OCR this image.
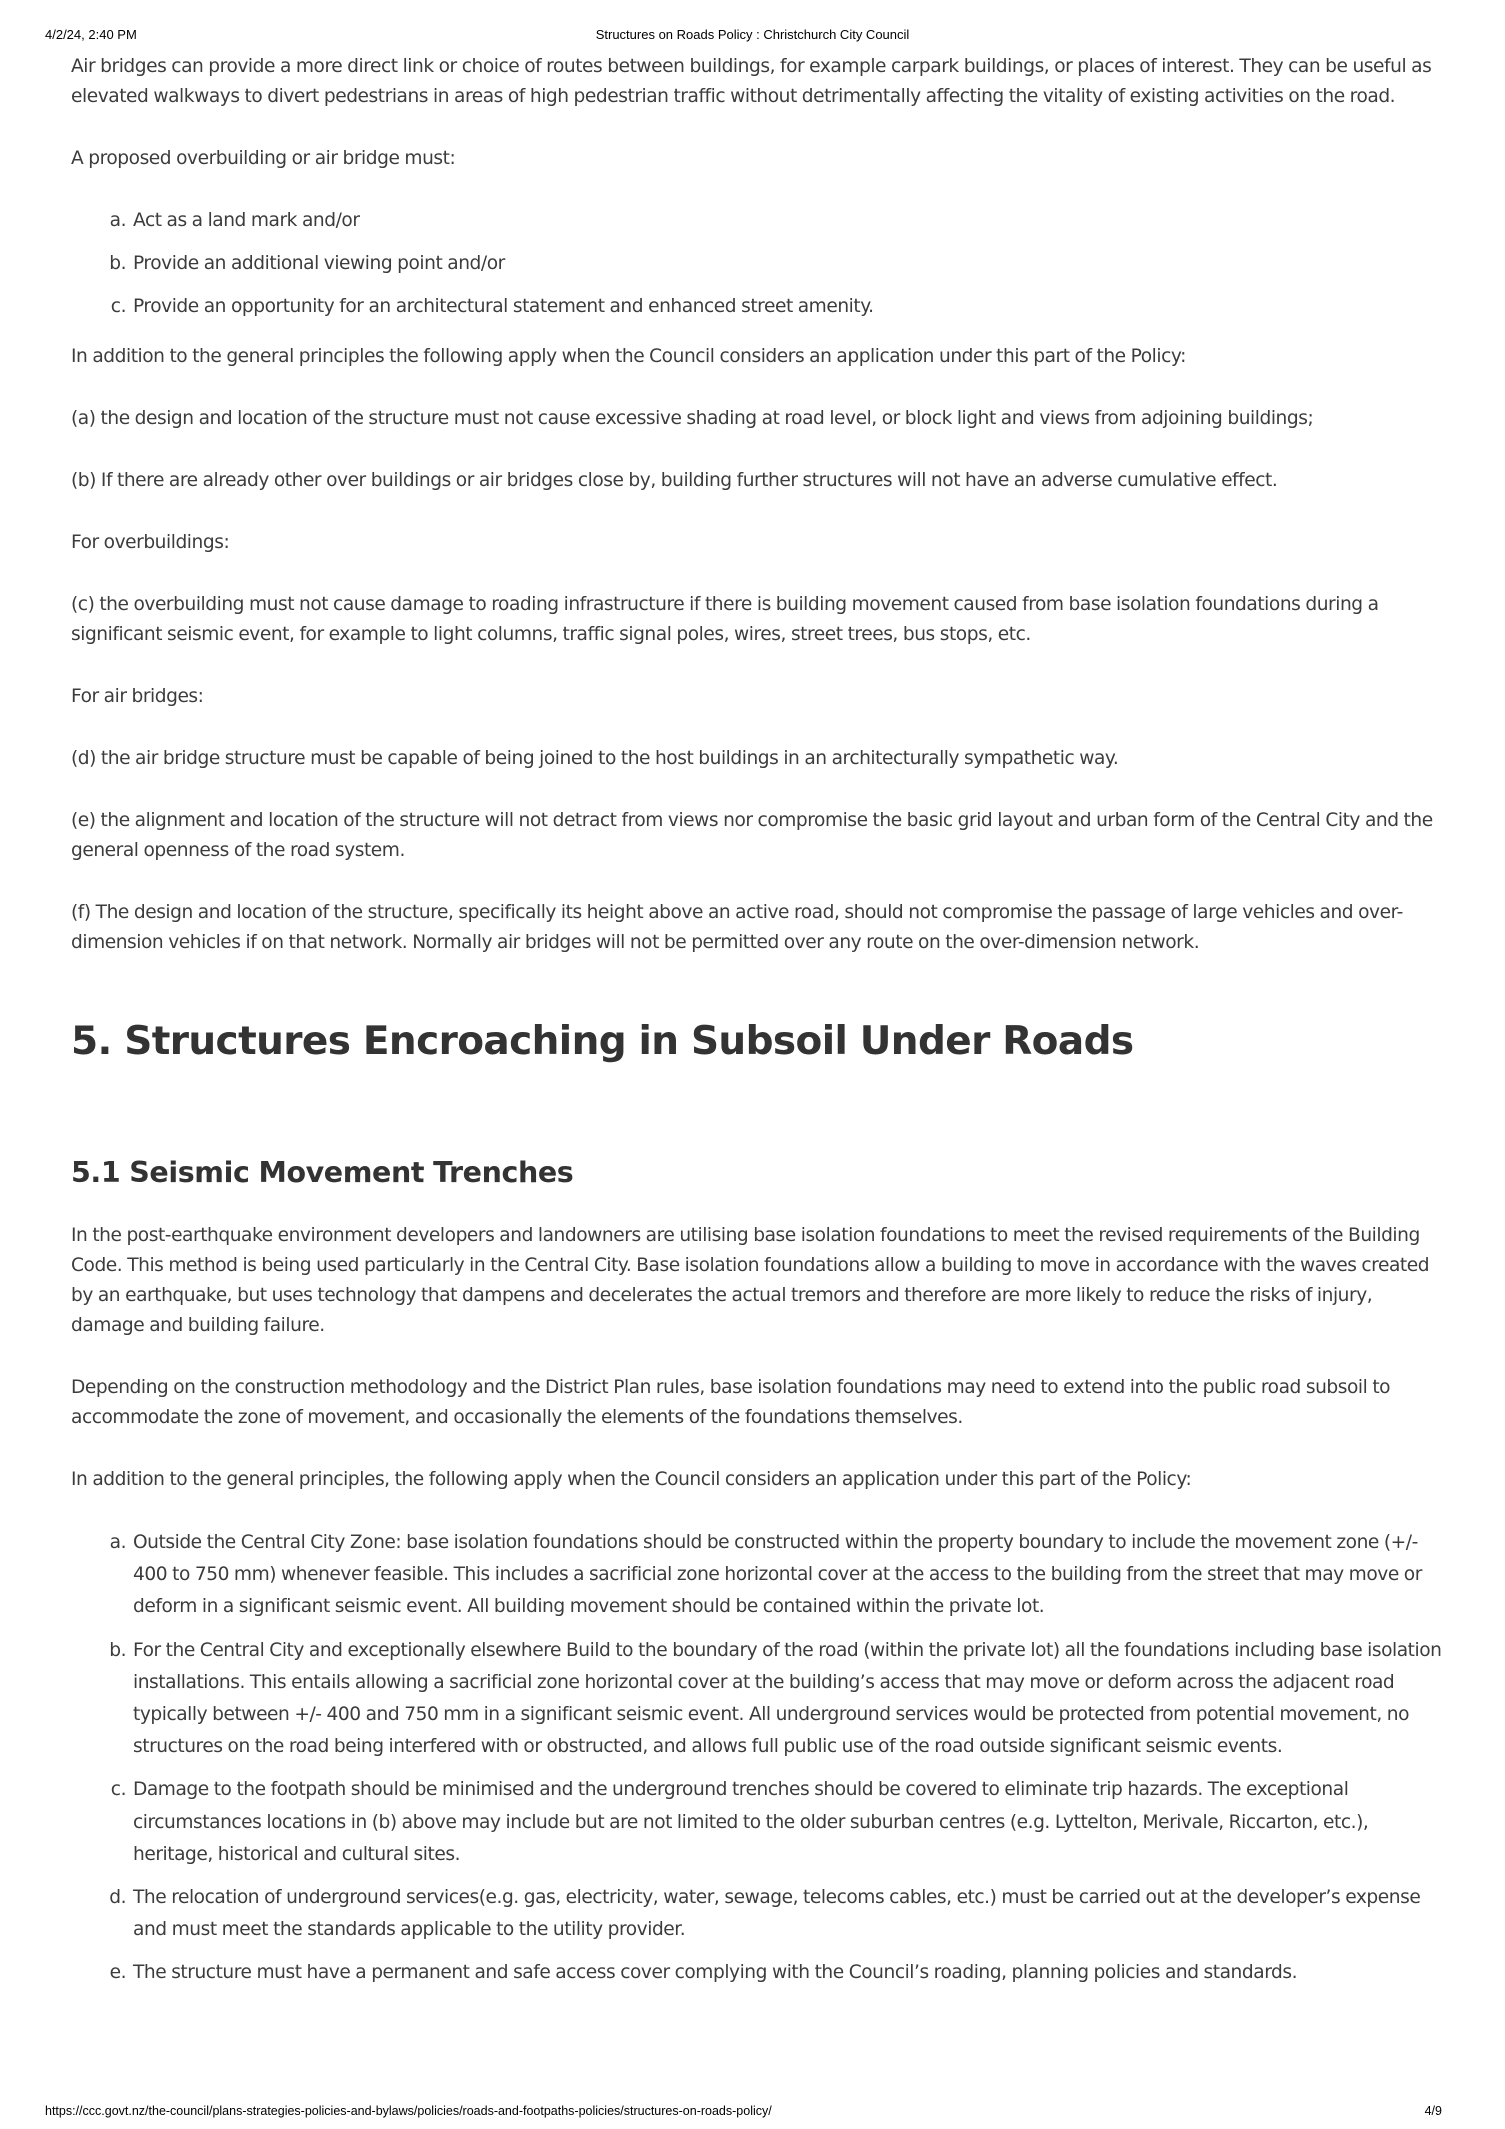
4/2/24, 2:40 PM	Structures on Roads Policy : Christchurch City Council

Air bridges can provide a more direct link or choice of routes between buildings, for example carpark buildings, or places of interest. They can be useful as elevated walkways to divert pedestrians in areas of high pedestrian traffic without detrimentally affecting the vitality of existing activities on the road.

A proposed overbuilding or air bridge must:

a. Act as a land mark and/or
b. Provide an additional viewing point and/or
c. Provide an opportunity for an architectural statement and enhanced street amenity.

In addition to the general principles the following apply when the Council considers an application under this part of the Policy:

(a) the design and location of the structure must not cause excessive shading at road level, or block light and views from adjoining buildings;

(b) If there are already other over buildings or air bridges close by, building further structures will not have an adverse cumulative effect.

For overbuildings:

(c) the overbuilding must not cause damage to roading infrastructure if there is building movement caused from base isolation foundations during a significant seismic event, for example to light columns, traffic signal poles, wires, street trees, bus stops, etc.

For air bridges:

(d) the air bridge structure must be capable of being joined to the host buildings in an architecturally sympathetic way.

(e) the alignment and location of the structure will not detract from views nor compromise the basic grid layout and urban form of the Central City and the general openness of the road system.

(f) The design and location of the structure, specifically its height above an active road, should not compromise the passage of large vehicles and over-dimension vehicles if on that network. Normally air bridges will not be permitted over any route on the over-dimension network.

5. Structures Encroaching in Subsoil Under Roads
5.1 Seismic Movement Trenches

In the post-earthquake environment developers and landowners are utilising base isolation foundations to meet the revised requirements of the Building Code. This method is being used particularly in the Central City. Base isolation foundations allow a building to move in accordance with the waves created by an earthquake, but uses technology that dampens and decelerates the actual tremors and therefore are more likely to reduce the risks of injury, damage and building failure.

Depending on the construction methodology and the District Plan rules, base isolation foundations may need to extend into the public road subsoil to accommodate the zone of movement, and occasionally the elements of the foundations themselves.

In addition to the general principles, the following apply when the Council considers an application under this part of the Policy:

a. Outside the Central City Zone: base isolation foundations should be constructed within the property boundary to include the movement zone (+/- 400 to 750 mm) whenever feasible. This includes a sacrificial zone horizontal cover at the access to the building from the street that may move or deform in a significant seismic event. All building movement should be contained within the private lot.
b. For the Central City and exceptionally elsewhere Build to the boundary of the road (within the private lot) all the foundations including base isolation installations. This entails allowing a sacrificial zone horizontal cover at the building’s access that may move or deform across the adjacent road typically between +/- 400 and 750 mm in a significant seismic event. All underground services would be protected from potential movement, no structures on the road being interfered with or obstructed, and allows full public use of the road outside significant seismic events.
c. Damage to the footpath should be minimised and the underground trenches should be covered to eliminate trip hazards. The exceptional circumstances locations in (b) above may include but are not limited to the older suburban centres (e.g. Lyttelton, Merivale, Riccarton, etc.), heritage, historical and cultural sites.
d. The relocation of underground services(e.g. gas, electricity, water, sewage, telecoms cables, etc.) must be carried out at the developer’s expense and must meet the standards applicable to the utility provider.
e. The structure must have a permanent and safe access cover complying with the Council’s roading, planning policies and standards.
https://ccc.govt.nz/the-council/plans-strategies-policies-and-bylaws/policies/roads-and-footpaths-policies/structures-on-roads-policy/	4/9
